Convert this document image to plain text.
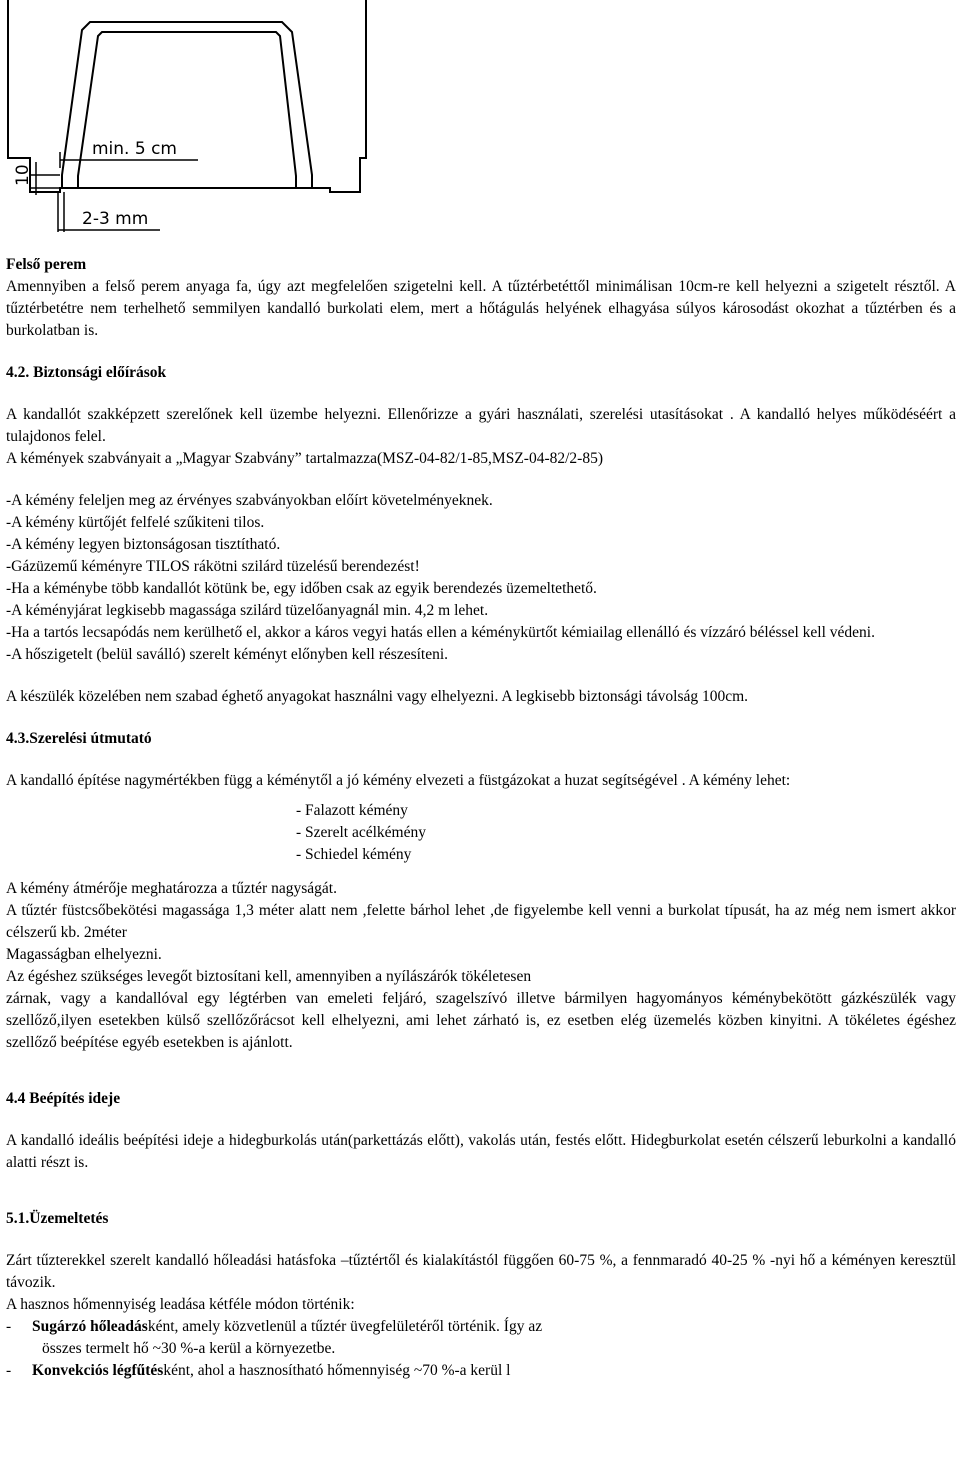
min. 5 cm
2-3 mm
10

Felső perem

Amennyiben a felső perem anyaga fa, úgy azt megfelelően szigetelni kell. A tűztérbetéttől minimálisan 10cm-re kell helyezni a szigetelt résztől. A tűztérbetétre nem terhelhető semmilyen kandalló burkolati elem, mert a hőtágulás helyének elhagyása súlyos károsodást okozhat a tűztérben és a burkolatban is.

4.2. Biztonsági előírások

A kandallót szakképzett szerelőnek kell üzembe helyezni. Ellenőrizze a gyári használati, szerelési utasításokat . A kandalló helyes működéséért a tulajdonos felel.

A kémények szabványait a „Magyar Szabvány” tartalmazza(MSZ-04-82/1-85,MSZ-04-82/2-85)

-A kémény feleljen meg az érvényes szabványokban előírt követelményeknek.

-A kémény kürtőjét felfelé szűkiteni tilos.

-A kémény legyen biztonságosan tisztítható.

-Gázüzemű kéményre TILOS rákötni szilárd tüzelésű berendezést!

-Ha a kéménybe több kandallót kötünk be, egy időben csak az egyik berendezés üzemeltethető.

-A kéményjárat legkisebb magassága szilárd tüzelőanyagnál min. 4,2 m lehet.

-Ha a tartós lecsapódás nem kerülhető el, akkor a káros vegyi hatás ellen a kéménykürtőt kémiailag ellenálló és vízzáró béléssel kell védeni.

-A hőszigetelt (belül saválló) szerelt kéményt előnyben kell részesíteni.

A készülék közelében nem szabad éghető anyagokat használni vagy elhelyezni. A legkisebb biztonsági távolság 100cm.

4.3.Szerelési útmutató

A kandalló építése nagymértékben függ a kéménytől a jó kémény elvezeti a füstgázokat a huzat segítségével . A kémény lehet:

- Falazott kémény

- Szerelt acélkémény

- Schiedel kémény

A kémény átmérője meghatározza a tűztér nagyságát.

A tűztér füstcsőbekötési magassága 1,3 méter alatt nem ,felette bárhol lehet ,de figyelembe kell venni a burkolat típusát, ha az még nem ismert akkor célszerű kb. 2méter

Magasságban elhelyezni.

Az égéshez szükséges levegőt biztosítani kell, amennyiben a nyílászárók tökéletesen

zárnak, vagy a kandallóval egy légtérben van emeleti feljáró, szagelszívó illetve bármilyen hagyományos kéménybekötött gázkészülék vagy szellőző,ilyen esetekben külső szellőzőrácsot kell elhelyezni, ami lehet zárható is, ez esetben elég üzemelés közben kinyitni. A tökéletes égéshez szellőző beépítése egyéb esetekben is ajánlott.

4.4 Beépítés ideje

A kandalló ideális beépítési ideje a hidegburkolás után(parkettázás előtt), vakolás után, festés előtt. Hidegburkolat esetén célszerű leburkolni a kandalló alatti részt is.

5.1.Üzemeltetés

Zárt tűzterekkel szerelt kandalló hőleadási hatásfoka –tűztértől és kialakítástól függően 60-75 %, a fennmaradó 40-25 % -nyi hő a kéményen keresztül távozik.

A hasznos hőmennyiség leadása kétféle módon történik:

-	Sugárzó hőleadásként, amely közvetlenül a tűztér üvegfelületéről történik. Így az

összes termelt hő ~30 %-a kerül a környezetbe.

-	Konvekciós légfűtésként, ahol a hasznosítható hőmennyiség ~70 %-a kerül l
